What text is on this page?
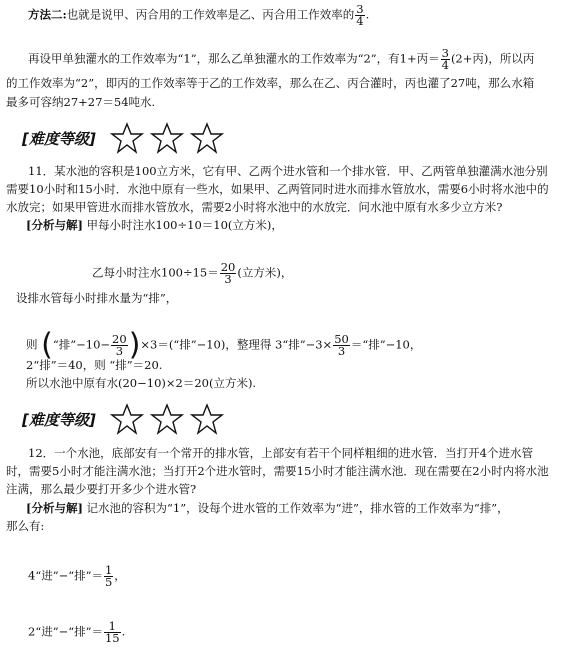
方法二:也就是说甲、丙合用的工作效率是乙、丙合用工作效率的 $\frac{3}{4}$ .
再设甲单独灌水的工作效率为“1”，那么乙单独灌水的工作效率为“2”，有1+丙＝ $\frac{3}{4} (2+$丙)，所以丙
的工作效率为“2”，即丙的工作效率等于乙的工作效率，那么在乙、丙合灌时，丙也灌了27吨，那么水箱
最多可容纳27+27＝54吨水.
[难度等级]
11．某水池的容积是100立方米，它有甲、乙两个进水管和一个排水管．甲、乙两管单独灌满水池分别
需要10小时和15小时．水池中原有一些水，如果甲、乙两管同时进水而排水管放水，需要6小时将水池中的
水放完；如果甲管进水而排水管放水，需要2小时将水池中的水放完．问水池中原有水多少立方米?
[分析与解] 甲每小时注水100÷10＝10(立方米)，
乙每小时注水$100\div 15= \frac{20}{3}$ (立方米)，
设排水管每小时排水量为“排”，
则 (“排”−10− $\frac{20}{3}$ )×3＝(“排”−10)，整理得 3“排”−3× $\frac{50}{3}$ ＝“排”−10，
2“排”＝40，则 “排”＝20.
所以水池中原有水(20−10)×2＝20(立方米).
[难度等级]
12．一个水池，底部安有一个常开的排水管，上部安有若干个同样粗细的进水管．当打开4个进水管
时，需要5小时才能注满水池；当打开2个进水管时，需要15小时才能注满水池．现在需要在2小时内将水池
注满，那么最少要打开多少个进水管?
[分析与解] 记水池的容积为“1”，设每个进水管的工作效率为“进”，排水管的工作效率为“排”，
那么有:
4“进”−“排”＝ $\frac{1}{5}$ ，
2“进”−“排”＝ $\frac{1}{15}$ .
